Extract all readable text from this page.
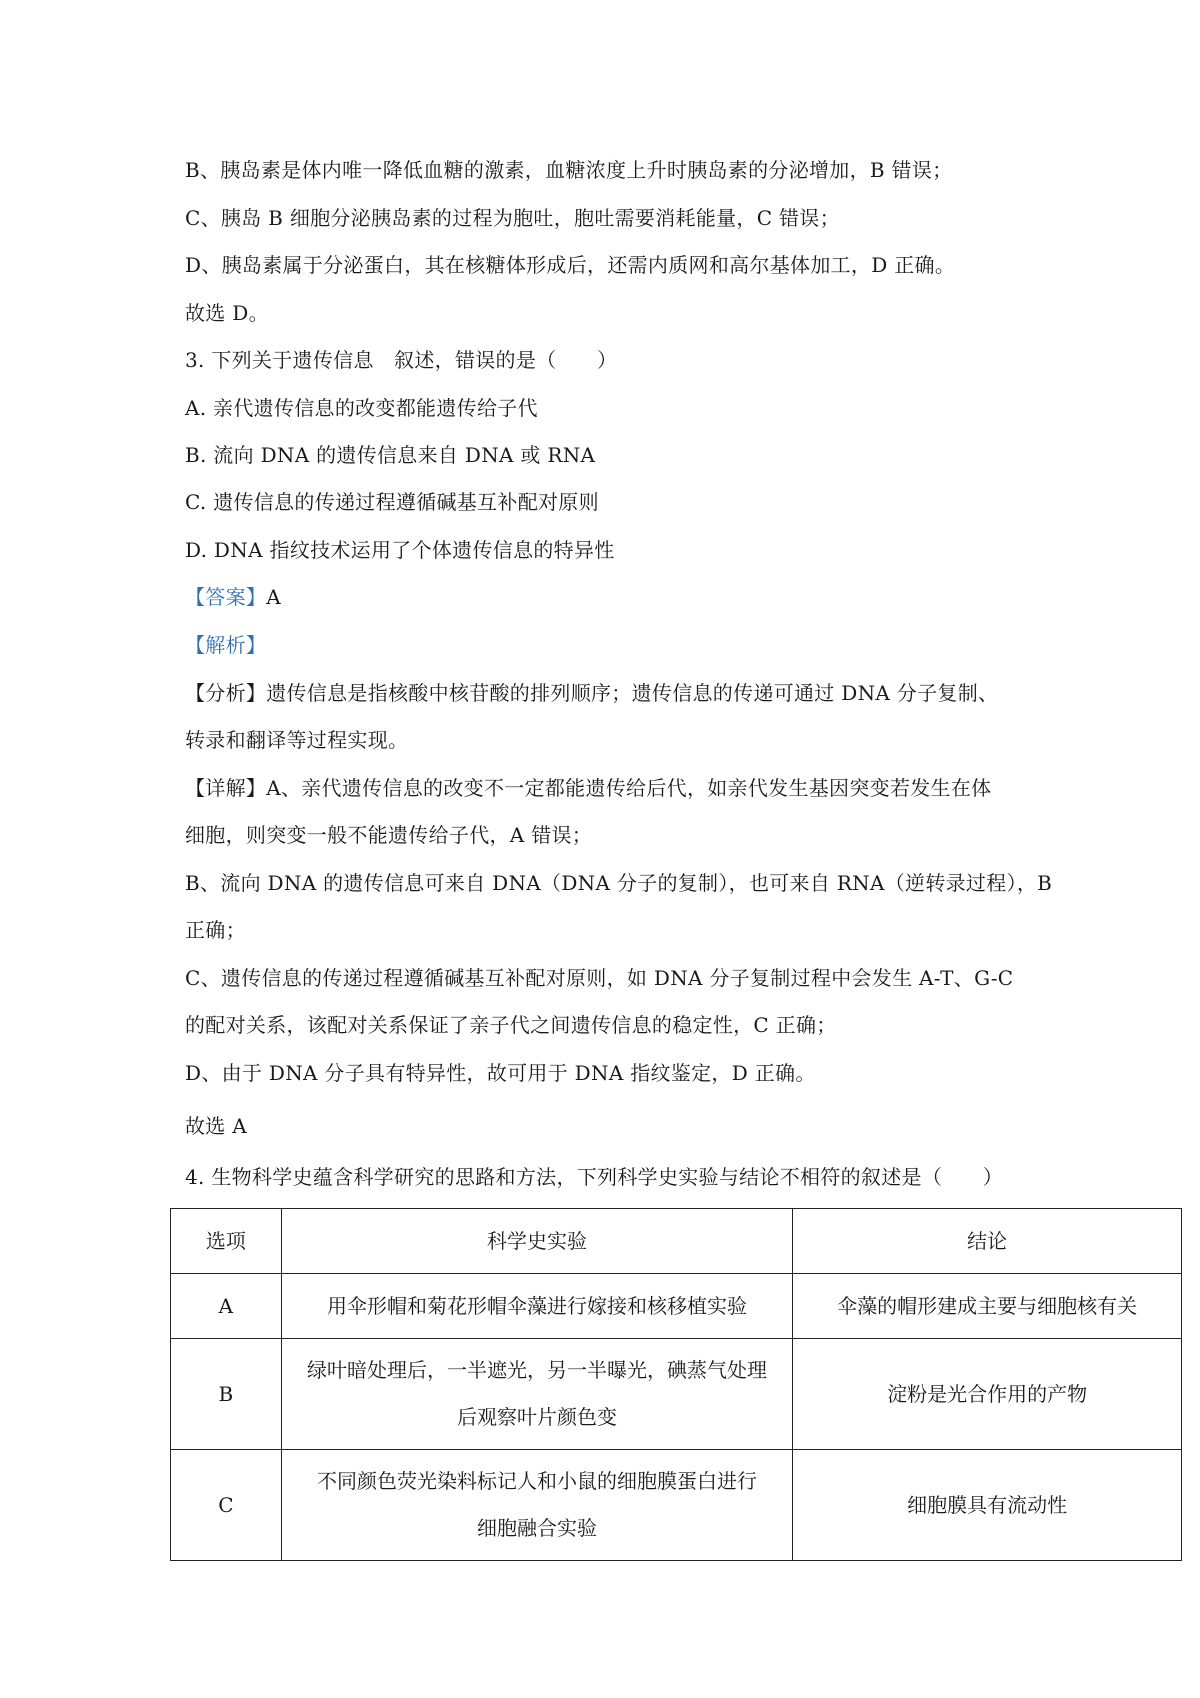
B、胰岛素是体内唯一降低血糖的激素，血糖浓度上升时胰岛素的分泌增加，B 错误；
C、胰岛 B 细胞分泌胰岛素的过程为胞吐，胞吐需要消耗能量，C 错误；
D、胰岛素属于分泌蛋白，其在核糖体形成后，还需内质网和高尔基体加工，D 正确。
故选 D。
3. 下列关于遗传信息　叙述，错误的是（　　）
A. 亲代遗传信息的改变都能遗传给子代
B. 流向 DNA 的遗传信息来自 DNA 或 RNA
C. 遗传信息的传递过程遵循碱基互补配对原则
D. DNA 指纹技术运用了个体遗传信息的特异性
【答案】A
【解析】
【分析】遗传信息是指核酸中核苷酸的排列顺序；遗传信息的传递可通过 DNA 分子复制、
转录和翻译等过程实现。
【详解】A、亲代遗传信息的改变不一定都能遗传给后代，如亲代发生基因突变若发生在体
细胞，则突变一般不能遗传给子代，A 错误；
B、流向 DNA 的遗传信息可来自 DNA（DNA 分子的复制），也可来自 RNA（逆转录过程），B
正确；
C、遗传信息的传递过程遵循碱基互补配对原则，如 DNA 分子复制过程中会发生 A-T、G-C
的配对关系，该配对关系保证了亲子代之间遗传信息的稳定性，C 正确；
D、由于 DNA 分子具有特异性，故可用于 DNA 指纹鉴定，D 正确。
故选 A
4. 生物科学史蕴含科学研究的思路和方法，下列科学史实验与结论不相符的叙述是（　　）
选项	科学史实验	结论
A	用伞形帽和菊花形帽伞藻进行嫁接和核移植实验	伞藻的帽形建成主要与细胞核有关
B	绿叶暗处理后，一半遮光，另一半曝光，碘蒸气处理
后观察叶片颜色变	淀粉是光合作用的产物
C	不同颜色荧光染料标记人和小鼠的细胞膜蛋白进行
细胞融合实验	细胞膜具有流动性
